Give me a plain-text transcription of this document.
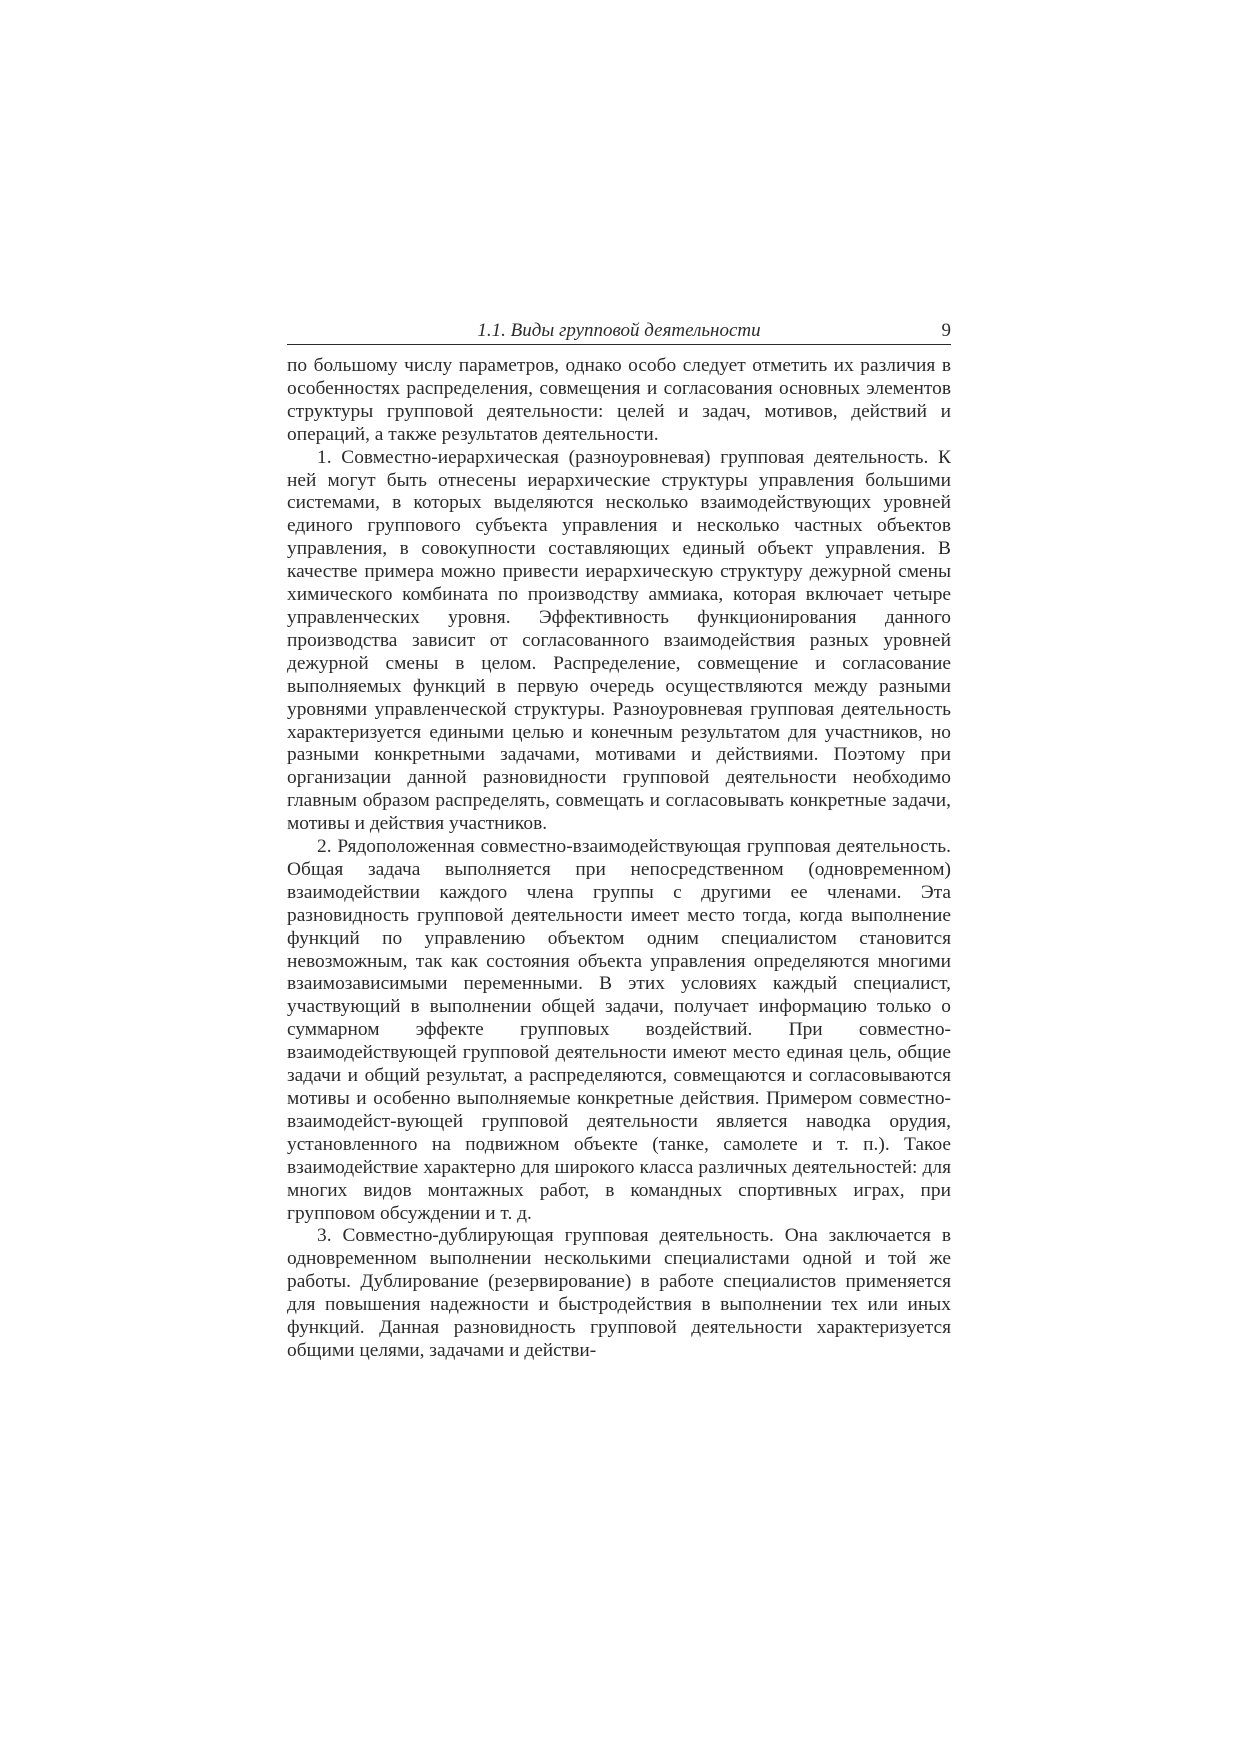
1.1. Виды групповой деятельности	9

по большому числу параметров, однако особо следует отметить их различия в особенностях распределения, совмещения и согласования основных элементов структуры групповой деятельности: целей и задач, мотивов, действий и операций, а также результатов деятельности.

1. Совместно-иерархическая (разноуровневая) групповая деятельность. К ней могут быть отнесены иерархические структуры управления большими системами, в которых выделяются несколько взаимодействующих уровней единого группового субъекта управления и несколько частных объектов управления, в совокупности составляющих единый объект управления. В качестве примера можно привести иерархическую структуру дежурной смены химического комбината по производству аммиака, которая включает четыре управленческих уровня. Эффективность функционирования данного производства зависит от согласованного взаимодействия разных уровней дежурной смены в целом. Распределение, совмещение и согласование выполняемых функций в первую очередь осуществляются между разными уровнями управленческой структуры. Разноуровневая групповая деятельность характеризуется едиными целью и конечным результатом для участников, но разными конкретными задачами, мотивами и действиями. Поэтому при организации данной разновидности групповой деятельности необходимо главным образом распределять, совмещать и согласовывать конкретные задачи, мотивы и действия участников.

2. Рядоположенная совместно-взаимодействующая групповая деятельность. Общая задача выполняется при непосредственном (одновременном) взаимодействии каждого члена группы с другими ее членами. Эта разновидность групповой деятельности имеет место тогда, когда выполнение функций по управлению объектом одним специалистом становится невозможным, так как состояния объекта управления определяются многими взаимозависимыми переменными. В этих условиях каждый специалист, участвующий в выполнении общей задачи, получает информацию только о суммарном эффекте групповых воздействий. При совместно-взаимодействующей групповой деятельности имеют место единая цель, общие задачи и общий результат, а распределяются, совмещаются и согласовываются мотивы и особенно выполняемые конкретные действия. Примером совместно-взаимодейст-вующей групповой деятельности является наводка орудия, установленного на подвижном объекте (танке, самолете и т. п.). Такое взаимодействие характерно для широкого класса различных деятельностей: для многих видов монтажных работ, в командных спортивных играх, при групповом обсуждении и т. д.

3. Совместно-дублирующая групповая деятельность. Она заключается в одновременном выполнении несколькими специалистами одной и той же работы. Дублирование (резервирование) в работе специалистов применяется для повышения надежности и быстродействия в выполнении тех или иных функций. Данная разновидность групповой деятельности характеризуется общими целями, задачами и действи-
